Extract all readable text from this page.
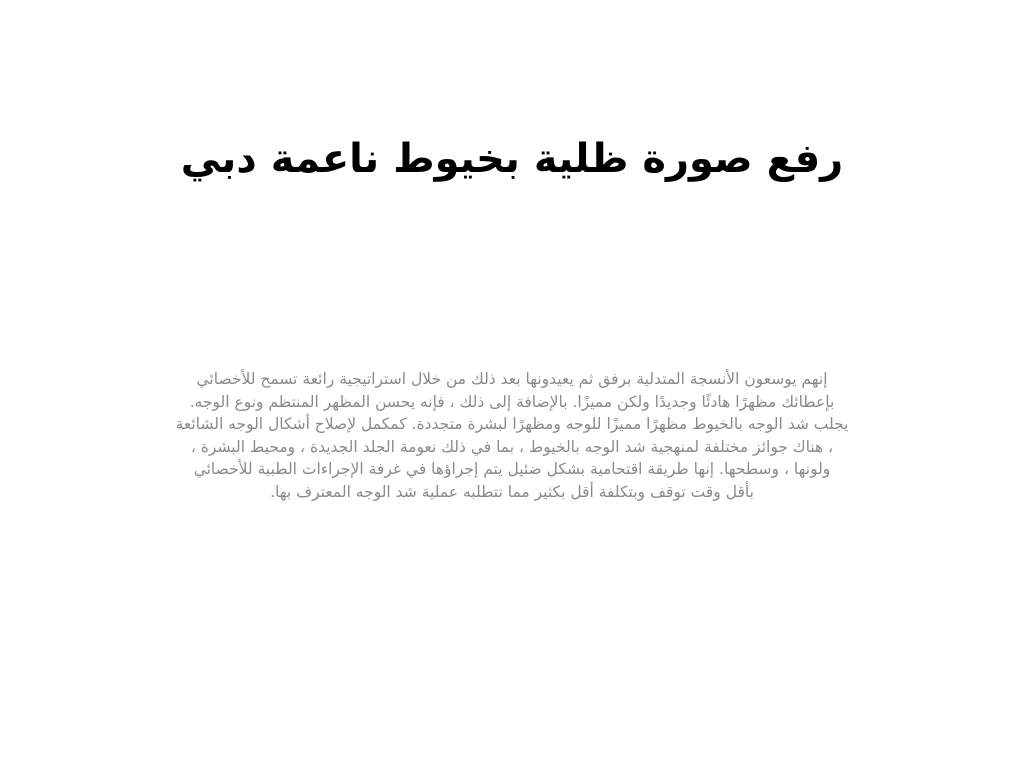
رفع صورة ظلية بخيوط ناعمة دبي

إنهم يوسعون الأنسجة المتدلية برفق ثم يعيدونها بعد ذلك من خلال استراتيجية رائعة تسمح للأخصائي
بإعطائك مظهرًا هادئًا وجديدًا ولكن مميزًا. بالإضافة إلى ذلك ، فإنه يحسن المظهر المنتظم ونوع الوجه.
يجلب شد الوجه بالخيوط مظهرًا مميزًا للوجه ومظهرًا لبشرة متجددة. كمكمل لإصلاح أشكال الوجه الشائعة
، هناك جوائز مختلفة لمنهجية شد الوجه بالخيوط ، بما في ذلك نعومة الجلد الجديدة ، ومحيط البشرة ،
ولونها ، وسطحها. إنها طريقة اقتحامية بشكل ضئيل يتم إجراؤها في غرفة الإجراءات الطبية للأخصائي
بأقل وقت توقف وبتكلفة أقل بكثير مما تتطلبه عملية شد الوجه المعترف بها.
